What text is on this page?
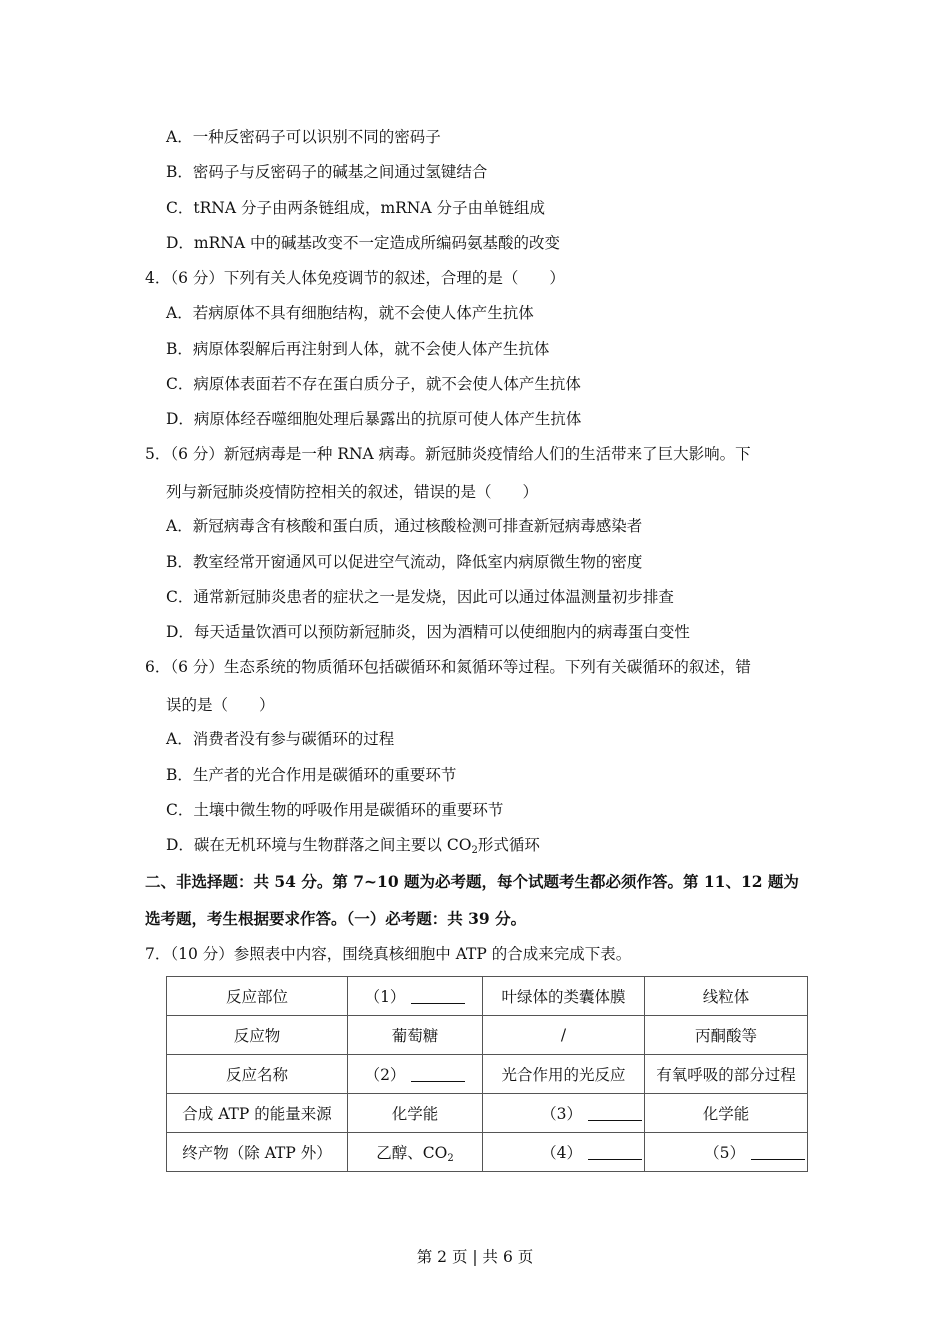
A．一种反密码子可以识别不同的密码子
B．密码子与反密码子的碱基之间通过氢键结合
C．tRNA 分子由两条链组成，mRNA 分子由单链组成
D．mRNA 中的碱基改变不一定造成所编码氨基酸的改变
4．（6 分）下列有关人体免疫调节的叙述，合理的是（　　）
A．若病原体不具有细胞结构，就不会使人体产生抗体
B．病原体裂解后再注射到人体，就不会使人体产生抗体
C．病原体表面若不存在蛋白质分子，就不会使人体产生抗体
D．病原体经吞噬细胞处理后暴露出的抗原可使人体产生抗体
5．（6 分）新冠病毒是一种 RNA 病毒。新冠肺炎疫情给人们的生活带来了巨大影响。下
列与新冠肺炎疫情防控相关的叙述，错误的是（　　）
A．新冠病毒含有核酸和蛋白质，通过核酸检测可排查新冠病毒感染者
B．教室经常开窗通风可以促进空气流动，降低室内病原微生物的密度
C．通常新冠肺炎患者的症状之一是发烧，因此可以通过体温测量初步排查
D．每天适量饮酒可以预防新冠肺炎，因为酒精可以使细胞内的病毒蛋白变性
6．（6 分）生态系统的物质循环包括碳循环和氮循环等过程。下列有关碳循环的叙述，错
误的是（　　）
A．消费者没有参与碳循环的过程
B．生产者的光合作用是碳循环的重要环节
C．土壤中微生物的呼吸作用是碳循环的重要环节
D．碳在无机环境与生物群落之间主要以 $CO_2$形式循环
二、非选择题：共 54 分。第 7~10 题为必考题，每个试题考生都必须作答。第 11、12 题为
选考题，考生根据要求作答。（一）必考题：共 39 分。
7．（10 分）参照表中内容，围绕真核细胞中 ATP 的合成来完成下表。
反应部位	（1）	叶绿体的类囊体膜	线粒体
反应物	葡萄糖	/	丙酮酸等
反应名称	（2）	光合作用的光反应	有氧呼吸的部分过程
合成 ATP 的能量来源	化学能	（3）	化学能
终产物（除 ATP 外）	乙醇、$CO_2$	（4）	（5）
第 2 页 | 共 6 页
